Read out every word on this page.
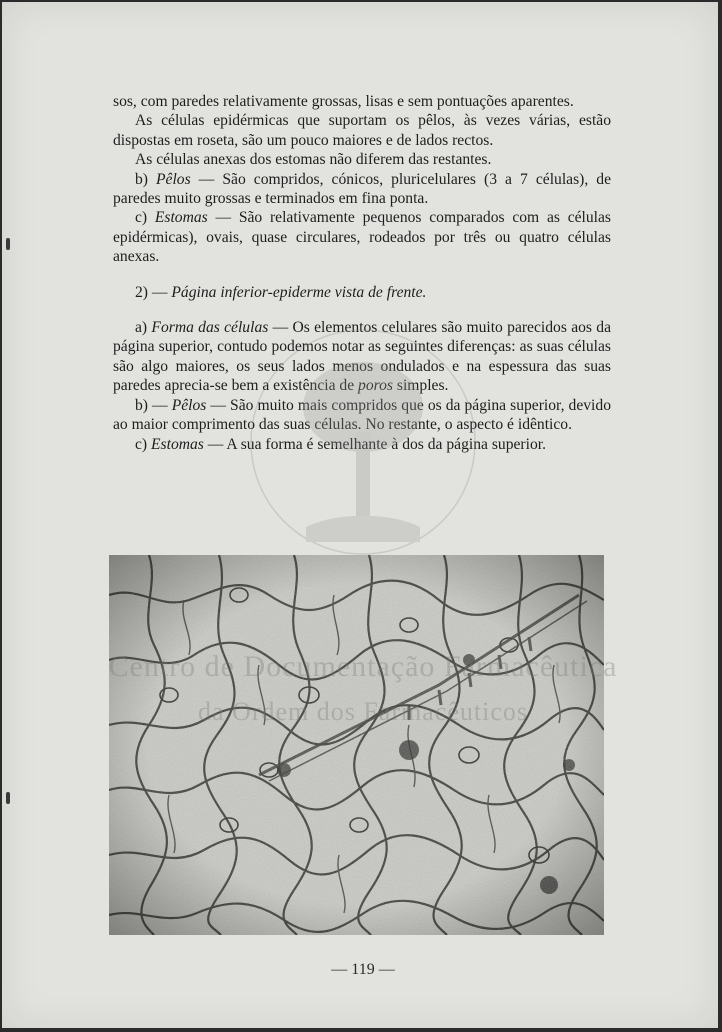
sos, com paredes relativamente grossas, lisas e sem pontuações aparentes.

As células epidérmicas que suportam os pêlos, às vezes várias, estão dispostas em roseta, são um pouco maiores e de lados rectos.

As células anexas dos estomas não diferem das restantes.

b) Pêlos — São compridos, cónicos, pluricelulares (3 a 7 células), de paredes muito grossas e terminados em fina ponta.

c) Estomas — São relativamente pequenos comparados com as células epidérmicas), ovais, quase circulares, rodeados por três ou quatro células anexas.

2) — Página inferior-epiderme vista de frente.

a) Forma das células — Os elementos celulares são muito parecidos aos da página superior, contudo podemos notar as seguintes diferenças: as suas células são algo maiores, os seus lados menos ondulados e na espessura das suas paredes aprecia-se bem a existência de poros simples.

b) — Pêlos — São muito mais compridos que os da página superior, devido ao maior comprimento das suas células. No restante, o aspecto é idêntico.

c) Estomas — A sua forma é semelhante à dos da página superior.

Centro de Documentação Farmacêutica
da Ordem dos Farmacêuticos
— 119 —
